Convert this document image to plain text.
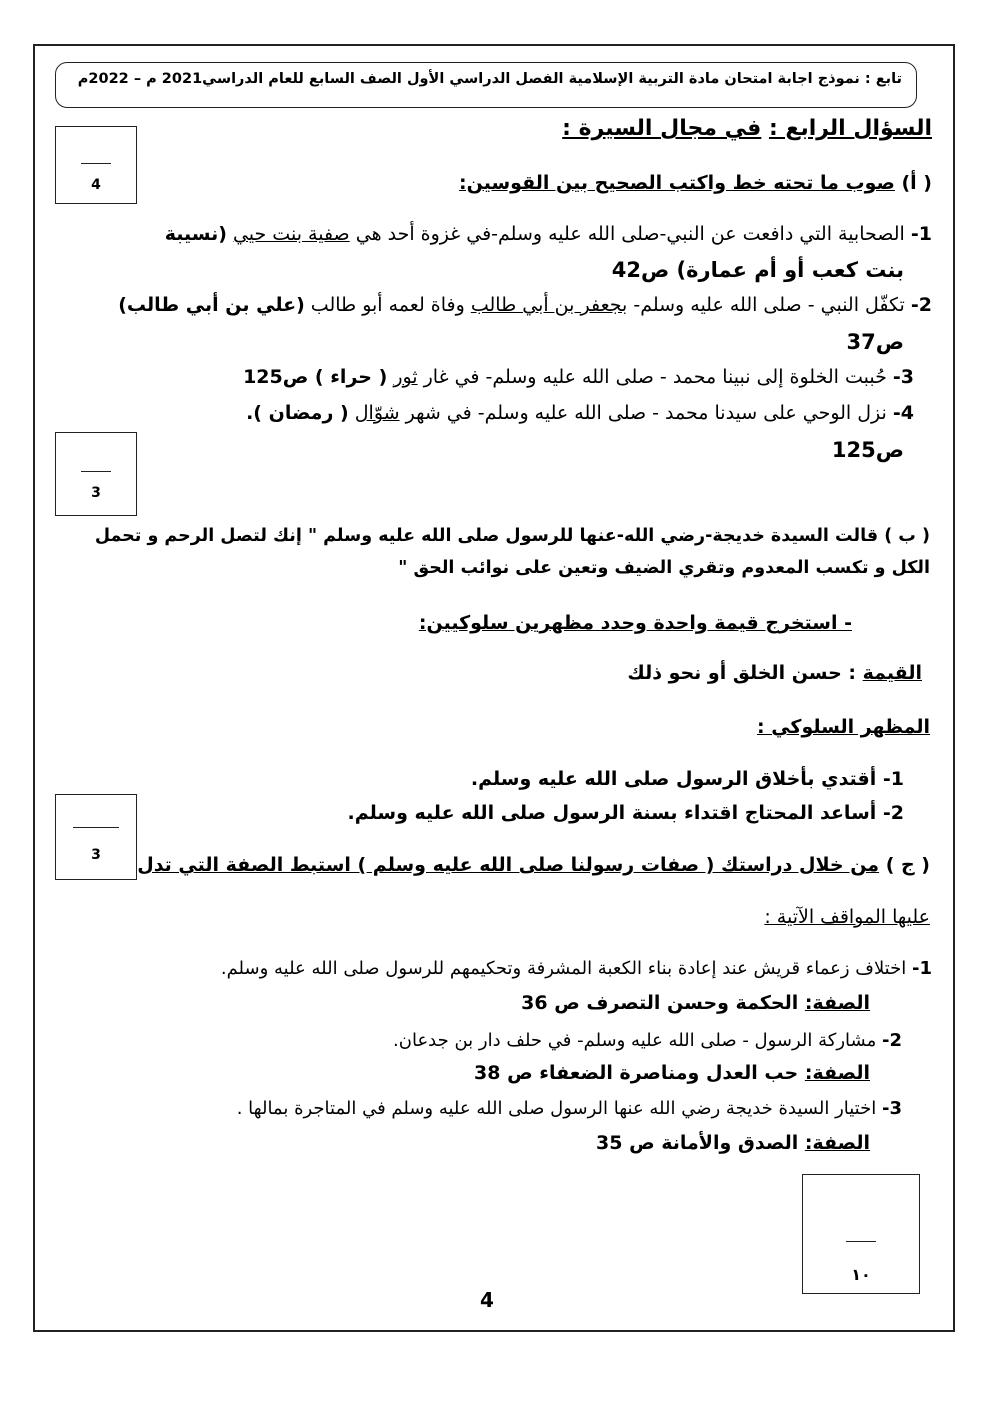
تابع : نموذج اجابة امتحان مادة التربية الإسلامية الفصل الدراسي الأول الصف السابع للعام الدراسي2021 م – 2022م
4
3
3
١٠
السؤال الرابع : في مجال السيرة :
( أ) صوب ما تحته خط واكتب الصحيح بين القوسين:
1- الصحابية التي دافعت عن النبي-صلى الله عليه وسلم-في غزوة أحد هي صفية بنت حيي (نسيبة
بنت كعب أو أم عمارة) ص42
2- تكفّل النبي - صلى الله عليه وسلم- بجعفر بن أبي طالب وفاة لعمه أبو طالب (علي بن أبي طالب)
ص37
3- حُببت الخلوة إلى نبينا محمد - صلى الله عليه وسلم- في غار ثور ( حراء ) ص125
4- نزل الوحي على سيدنا محمد - صلى الله عليه وسلم- في شهر شوّال ( رمضان ).
ص125
( ب ) قالت السيدة خديجة-رضي الله-عنها للرسول صلى الله عليه وسلم " إنك لتصل الرحم و تحمل
الكل و تكسب المعدوم وتقري الضيف وتعين على نوائب الحق "
- استخرج قيمة واحدة وحدد مظهرين سلوكيين:
القيمة : حسن الخلق أو نحو ذلك
المظهر السلوكي :
1- أقتدي بأخلاق الرسول صلى الله عليه وسلم.
2- أساعد المحتاج اقتداء بسنة الرسول صلى الله عليه وسلم.
( ج ) من خلال دراستك ( صفات رسولنا صلى الله عليه وسلم ) استبط الصفة التي تدل
عليها المواقف الآتية :
1- اختلاف زعماء قريش عند إعادة بناء الكعبة المشرفة وتحكيمهم للرسول صلى الله عليه وسلم.
الصفة: الحكمة وحسن التصرف ص 36
2- مشاركة الرسول - صلى الله عليه وسلم- في حلف دار بن جدعان.
الصفة: حب العدل ومناصرة الضعفاء ص 38
3- اختيار السيدة خديجة رضي الله عنها الرسول صلى الله عليه وسلم في المتاجرة بمالها .
الصفة: الصدق والأمانة ص 35
4
